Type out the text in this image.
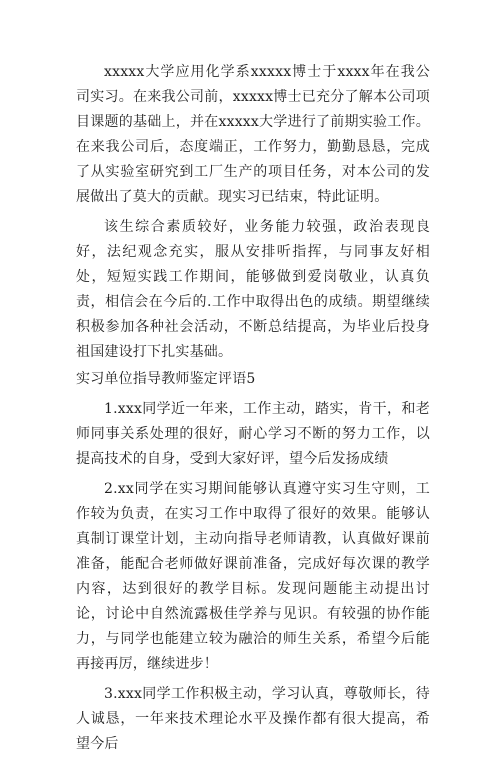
xxxxx大学应用化学系xxxxx博士于xxxx年在我公司实习。在来我公司前，xxxxx博士已充分了解本公司项目课题的基础上，并在xxxxx大学进行了前期实验工作。在来我公司后，态度端正，工作努力，勤勤恳恳，完成了从实验室研究到工厂生产的项目任务，对本公司的发展做出了莫大的贡献。现实习已结束，特此证明。

该生综合素质较好，业务能力较强，政治表现良好，法纪观念充实，服从安排听指挥，与同事友好相处，短短实践工作期间，能够做到爱岗敬业，认真负责，相信会在今后的.工作中取得出色的成绩。期望继续积极参加各种社会活动，不断总结提高，为毕业后投身祖国建设打下扎实基础。

实习单位指导教师鉴定评语5

1.xxx同学近一年来，工作主动，踏实，肯干，和老师同事关系处理的很好，耐心学习不断的努力工作，以提高技术的自身，受到大家好评，望今后发扬成绩

2.xx同学在实习期间能够认真遵守实习生守则，工作较为负责，在实习工作中取得了很好的效果。能够认真制订课堂计划，主动向指导老师请教，认真做好课前准备，能配合老师做好课前准备，完成好每次课的教学内容，达到很好的教学目标。发现问题能主动提出讨论，讨论中自然流露极佳学养与见识。有较强的协作能力，与同学也能建立较为融洽的师生关系，希望今后能再接再厉，继续进步！

3.xxx同学工作积极主动，学习认真，尊敬师长，待人诚恳，一年来技术理论水平及操作都有很大提高，希望今后
